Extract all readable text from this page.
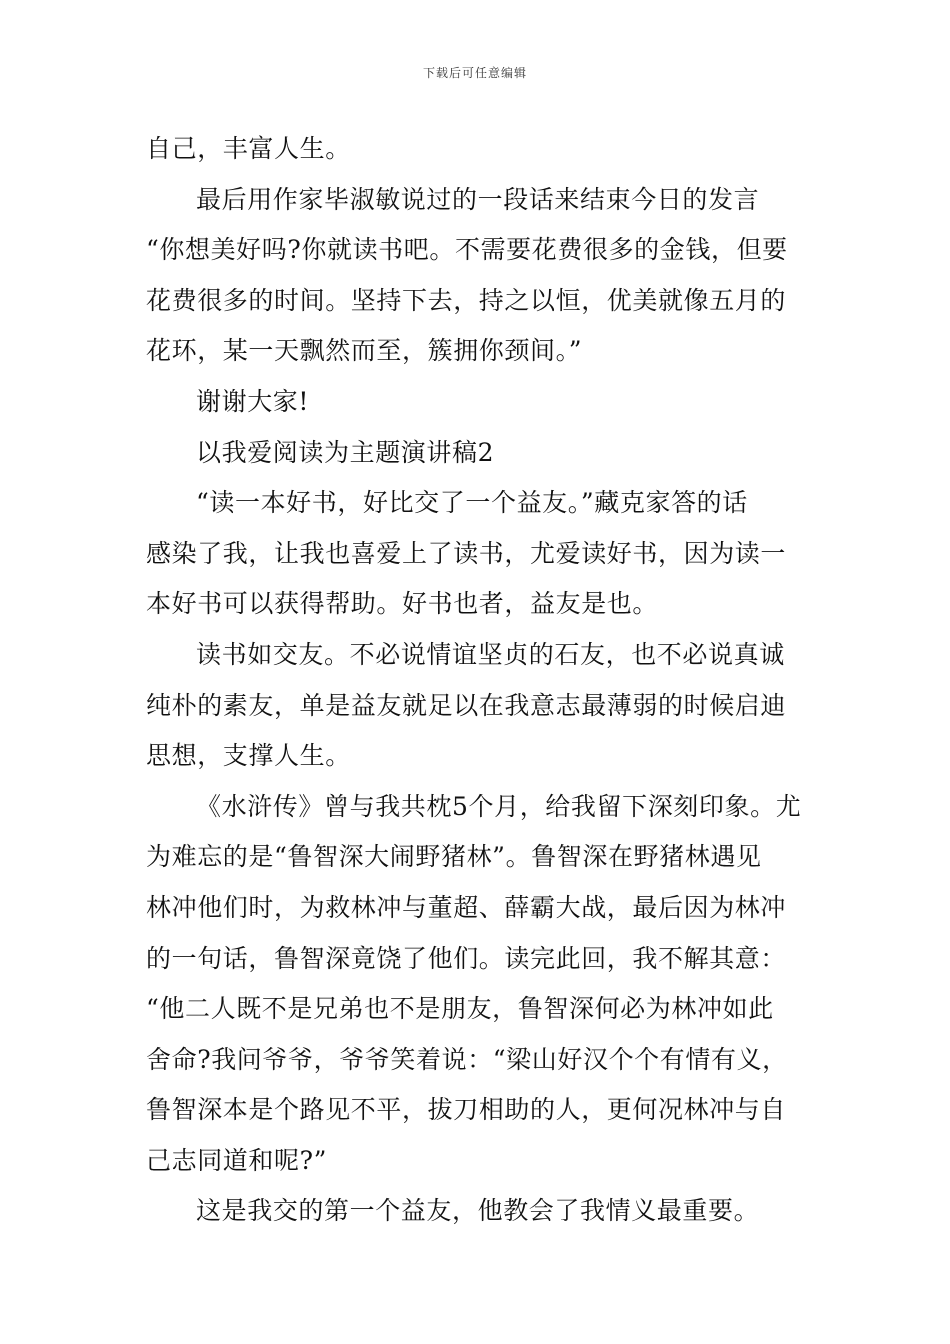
下载后可任意编辑
自己，丰富人生。
最后用作家毕淑敏说过的一段话来结束今日的发言
“你想美好吗?你就读书吧。不需要花费很多的金钱，但要
花费很多的时间。坚持下去，持之以恒，优美就像五月的
花环，某一天飘然而至，簇拥你颈间。”
谢谢大家!
以我爱阅读为主题演讲稿2
“读一本好书，好比交了一个益友。”藏克家答的话
感染了我，让我也喜爱上了读书，尤爱读好书，因为读一
本好书可以获得帮助。好书也者，益友是也。
读书如交友。不必说情谊坚贞的石友，也不必说真诚
纯朴的素友，单是益友就足以在我意志最薄弱的时候启迪
思想，支撑人生。
《水浒传》曾与我共枕5个月，给我留下深刻印象。尤
为难忘的是“鲁智深大闹野猪林”。鲁智深在野猪林遇见
林冲他们时，为救林冲与董超、薛霸大战，最后因为林冲
的一句话，鲁智深竟饶了他们。读完此回，我不解其意：
“他二人既不是兄弟也不是朋友，鲁智深何必为林冲如此
舍命?我问爷爷，爷爷笑着说：“梁山好汉个个有情有义，
鲁智深本是个路见不平，拔刀相助的人，更何况林冲与自
己志同道和呢?”
这是我交的第一个益友，他教会了我情义最重要。
